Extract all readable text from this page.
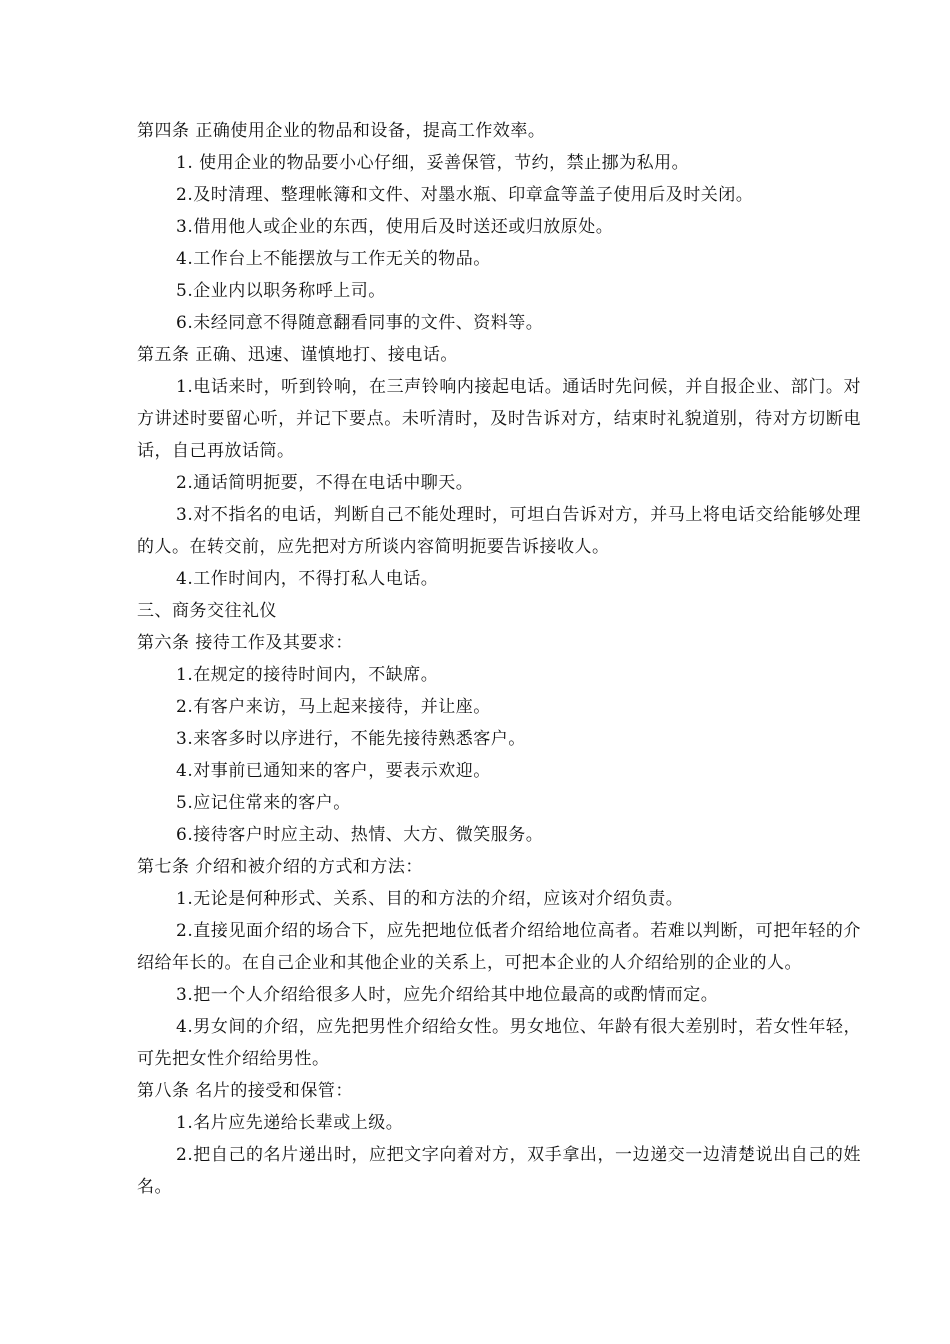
第四条 正确使用企业的物品和设备，提高工作效率。

1. 使用企业的物品要小心仔细，妥善保管，节约，禁止挪为私用。

2.及时清理、整理帐簿和文件、对墨水瓶、印章盒等盖子使用后及时关闭。

3.借用他人或企业的东西，使用后及时送还或归放原处。

4.工作台上不能摆放与工作无关的物品。

5.企业内以职务称呼上司。

6.未经同意不得随意翻看同事的文件、资料等。

第五条 正确、迅速、谨慎地打、接电话。

1.电话来时，听到铃响，在三声铃响内接起电话。通话时先问候，并自报企业、部门。对方讲述时要留心听，并记下要点。未听清时，及时告诉对方，结束时礼貌道别，待对方切断电话，自己再放话筒。

2.通话简明扼要，不得在电话中聊天。

3.对不指名的电话，判断自己不能处理时，可坦白告诉对方，并马上将电话交给能够处理的人。在转交前，应先把对方所谈内容简明扼要告诉接收人。

4.工作时间内，不得打私人电话。

三、商务交往礼仪

第六条 接待工作及其要求：

1.在规定的接待时间内，不缺席。

2.有客户来访，马上起来接待，并让座。

3.来客多时以序进行，不能先接待熟悉客户。

4.对事前已通知来的客户，要表示欢迎。

5.应记住常来的客户。

6.接待客户时应主动、热情、大方、微笑服务。

第七条 介绍和被介绍的方式和方法：

1.无论是何种形式、关系、目的和方法的介绍，应该对介绍负责。

2.直接见面介绍的场合下，应先把地位低者介绍给地位高者。若难以判断，可把年轻的介绍给年长的。在自己企业和其他企业的关系上，可把本企业的人介绍给别的企业的人。

3.把一个人介绍给很多人时，应先介绍给其中地位最高的或酌情而定。

4.男女间的介绍，应先把男性介绍给女性。男女地位、年龄有很大差别时，若女性年轻，可先把女性介绍给男性。

第八条 名片的接受和保管：

1.名片应先递给长辈或上级。

2.把自己的名片递出时，应把文字向着对方，双手拿出，一边递交一边清楚说出自己的姓名。
